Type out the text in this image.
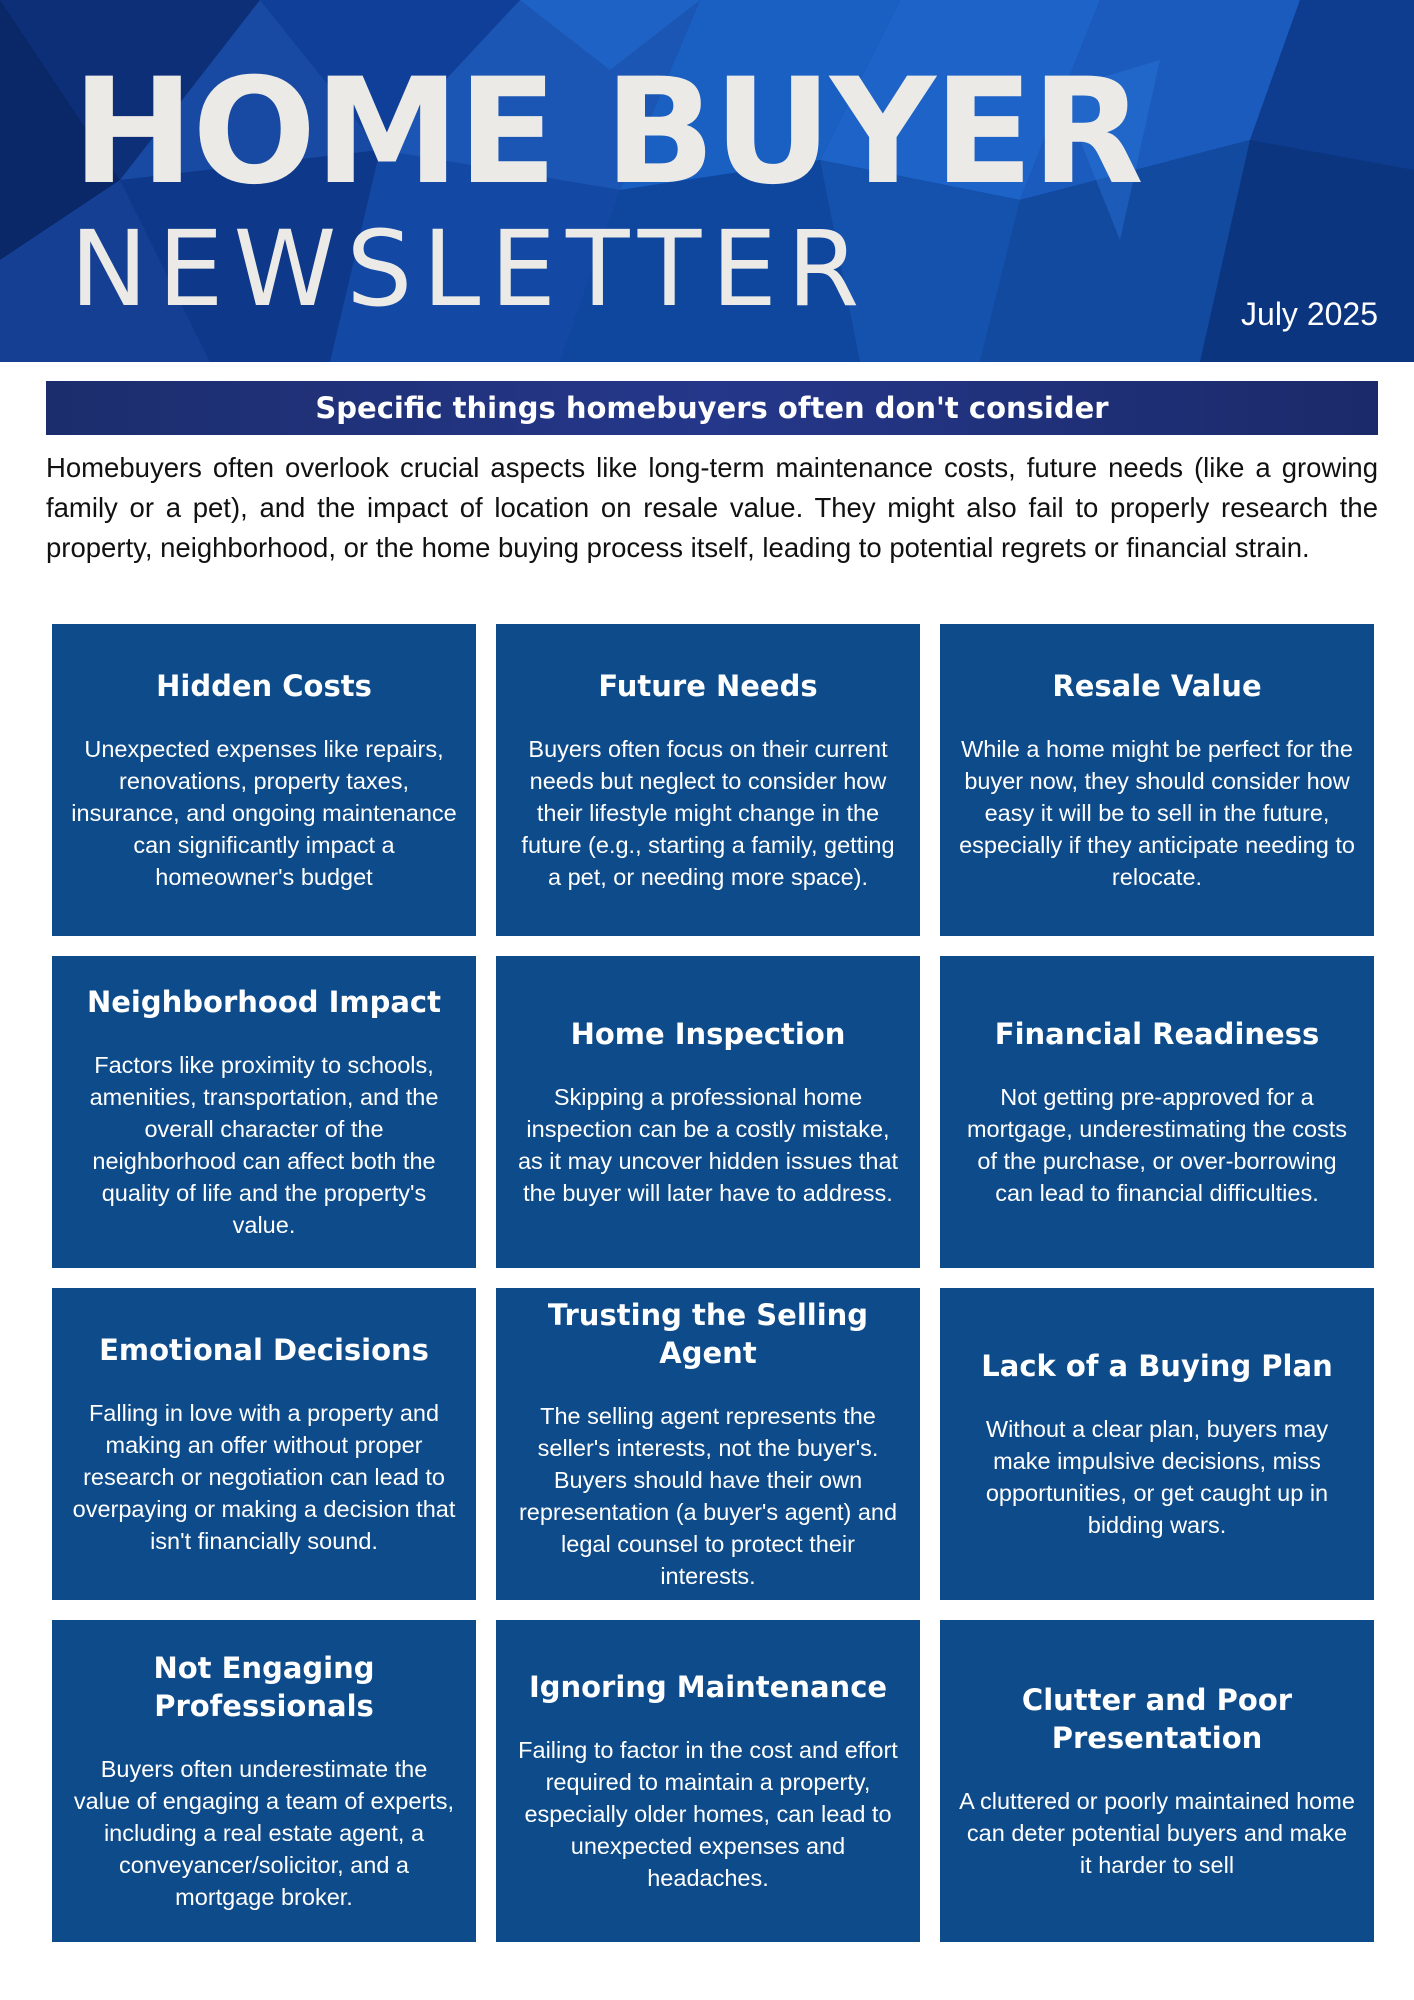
HOME BUYER
NEWSLETTER	July 2025
Specific things homebuyers often don't consider

Homebuyers often overlook crucial aspects like long-term maintenance costs, future needs (like a growing family or a pet), and the impact of location on resale value. They might also fail to properly research the property, neighborhood, or the home buying process itself, leading to potential regrets or financial strain.

Hidden Costs
Unexpected expenses like repairs, renovations, property taxes, insurance, and ongoing maintenance can significantly impact a homeowner's budget
Future Needs
Buyers often focus on their current needs but neglect to consider how their lifestyle might change in the future (e.g., starting a family, getting a pet, or needing more space).
Resale Value
While a home might be perfect for the buyer now, they should consider how easy it will be to sell in the future, especially if they anticipate needing to relocate.
Neighborhood Impact
Factors like proximity to schools, amenities, transportation, and the overall character of the neighborhood can affect both the quality of life and the property's value.
Home Inspection
Skipping a professional home inspection can be a costly mistake, as it may uncover hidden issues that the buyer will later have to address.
Financial Readiness
Not getting pre-approved for a mortgage, underestimating the costs of the purchase, or over-borrowing can lead to financial difficulties.
Emotional Decisions
Falling in love with a property and making an offer without proper research or negotiation can lead to overpaying or making a decision that isn't financially sound.
Trusting the Selling Agent
The selling agent represents the seller's interests, not the buyer's. Buyers should have their own representation (a buyer's agent) and legal counsel to protect their interests.
Lack of a Buying Plan
Without a clear plan, buyers may make impulsive decisions, miss opportunities, or get caught up in bidding wars.
Not Engaging Professionals
Buyers often underestimate the value of engaging a team of experts, including a real estate agent, a conveyancer/solicitor, and a mortgage broker.
Ignoring Maintenance
Failing to factor in the cost and effort required to maintain a property, especially older homes, can lead to unexpected expenses and headaches.
Clutter and Poor Presentation
A cluttered or poorly maintained home can deter potential buyers and make it harder to sell
